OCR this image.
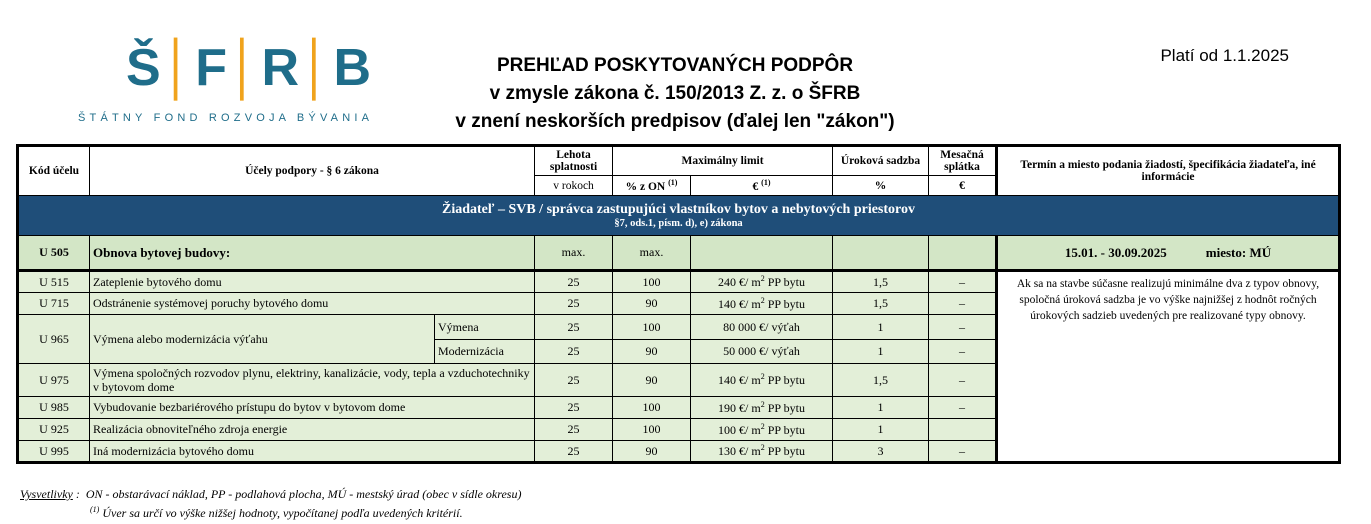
Š│F│R│B
ŠTÁTNY FOND ROZVOJA BÝVANIA
PREHĽAD POSKYTOVANÝCH PODPÔR
v zmysle zákona č. 150/2013 Z. z. o ŠFRB
v znení neskorších predpisov (ďalej len "zákon")
Platí od 1.1.2025
Kód účelu	Účely podpory - § 6 zákona		Lehota splatnosti	Maximálny limit		Úroková sadzba	Mesačná splátka	Termín a miesto podania žiadostí, špecifikácia žiadateľa, iné informácie
			v rokoch	% z ON $^{(1)}$	€ $^{(1)}$	%	€	

Žiadateľ – SVB / správca zastupujúci vlastníkov bytov a nebytových priestorov
§7, ods.1, písm. d), e) zákona								

U 505	Obnova bytovej budovy:		max.	max.				15.01. - 30.09.2025 miesto: MÚ
U 515	Zateplenie bytového domu		25	100	240 €/ $m^2$ PP bytu	1,5	–	Ak sa na stavbe súčasne realizujú minimálne dva z typov obnovy, spoločná úroková sadzba je vo výške najnižšej z hodnôt ročných úrokových sadzieb uvedených pre realizované typy obnovy.
U 715	Odstránenie systémovej poruchy bytového domu		25	90	140 €/ $m^2$ PP bytu	1,5	–	
U 965	Výmena alebo modernizácia výťahu	Výmena	25	100	80 000 €/ výťah	1	–	
		Modernizácia	25	90	50 000 €/ výťah	1	–	
U 975	Výmena spoločných rozvodov plynu, elektriny, kanalizácie, vody, tepla a vzduchotechniky v bytovom dome		25	90	140 €/ $m^2$ PP bytu	1,5	–	
U 985	Vybudovanie bezbariérového prístupu do bytov v bytovom dome		25	100	190 €/ $m^2$ PP bytu	1	–	
U 925	Realizácia obnoviteľného zdroja energie		25	100	100 €/ $m^2$ PP bytu	1		
U 995	Iná modernizácia bytového domu		25	90	130 €/ $m^2$ PP bytu	3	–	
Vysvetlivky : ON - obstarávací náklad, PP - podlahová plocha, MÚ - mestský úrad (obec v sídle okresu)
$^{(1)}$ Úver sa určí vo výške nižšej hodnoty, vypočítanej podľa uvedených kritérií.
